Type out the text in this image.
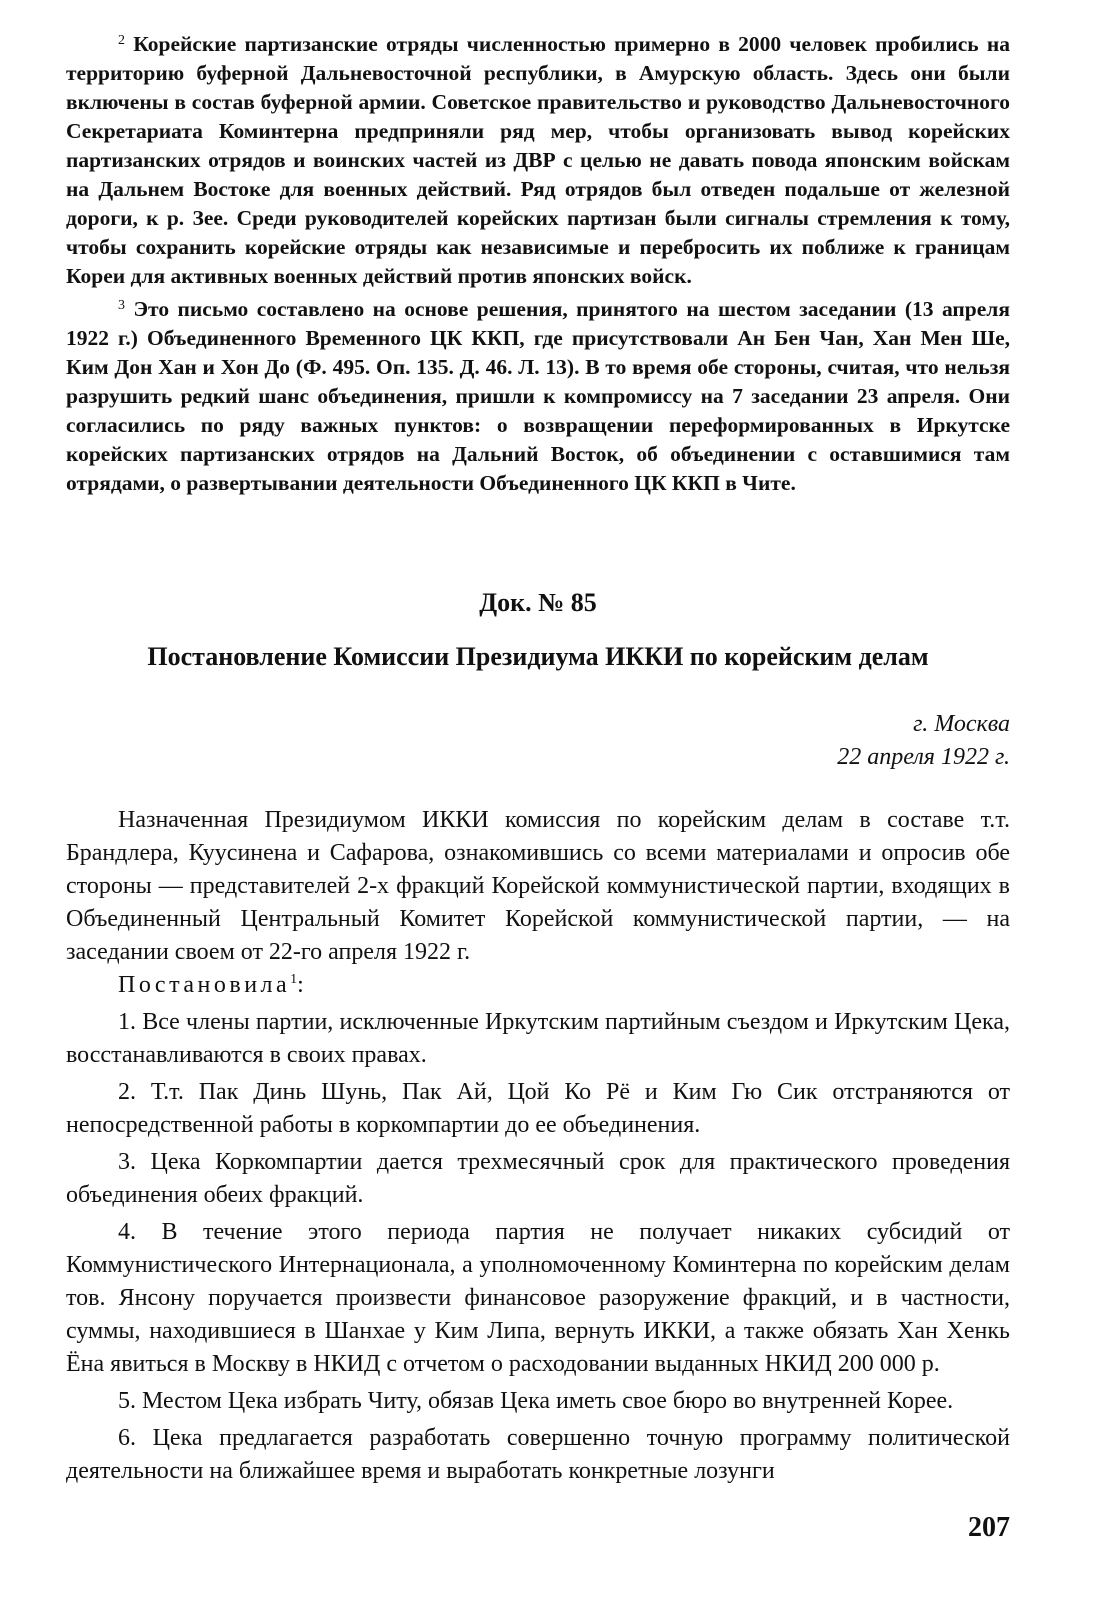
$^2$ Корейские партизанские отряды численностью примерно в 2000 человек пробились на территорию буферной Дальневосточной республики, в Амурскую область. Здесь они были включены в состав буферной армии. Советское правительство и руководство Дальневосточного Секретариата Коминтерна предприняли ряд мер, чтобы организовать вывод корейских партизанских отрядов и воинских частей из ДВР с целью не давать повода японским войскам на Дальнем Востоке для военных действий. Ряд отрядов был отведен подальше от железной дороги, к р. Зее. Среди руководителей корейских партизан были сигналы стремления к тому, чтобы сохранить корейские отряды как независимые и перебросить их поближе к границам Кореи для активных военных действий против японских войск.

$^3$ Это письмо составлено на основе решения, принятого на шестом заседании (13 апреля 1922 г.) Объединенного Временного ЦК ККП, где присутствовали Ан Бен Чан, Хан Мен Ше, Ким Дон Хан и Хон До (Ф. 495. Оп. 135. Д. 46. Л. 13). В то время обе стороны, считая, что нельзя разрушить редкий шанс объединения, пришли к компромиссу на 7 заседании 23 апреля. Они согласились по ряду важных пунктов: о возвращении переформированных в Иркутске корейских партизанских отрядов на Дальний Восток, об объединении с оставшимися там отрядами, о развертывании деятельности Объединенного ЦК ККП в Чите.

Док. № 85
Постановление Комиссии Президиума ИККИ по корейским делам

г. Москва

22 апреля 1922 г.

Назначенная Президиумом ИККИ комиссия по корейским делам в составе т.т. Брандлера, Куусинена и Сафарова, ознакомившись со всеми материалами и опросив обе стороны — представителей 2-х фракций Корейской коммунистической партии, входящих в Объединенный Центральный Комитет Корейской коммунистической партии, — на заседании своем от 22-го апреля 1922 г.

Постановила$^1$:

1. Все члены партии, исключенные Иркутским партийным съездом и Иркутским Цека, восстанавливаются в своих правах.

2. Т.т. Пак Динь Шунь, Пак Ай, Цой Ко Рё и Ким Гю Сик отстраняются от непосредственной работы в коркомпартии до ее объединения.

3. Цека Коркомпартии дается трехмесячный срок для практического проведения объединения обеих фракций.

4. В течение этого периода партия не получает никаких субсидий от Коммунистического Интернационала, а уполномоченному Коминтерна по корейским делам тов. Янсону поручается произвести финансовое разоружение фракций, и в частности, суммы, находившиеся в Шанхае у Ким Липа, вернуть ИККИ, а также обязать Хан Хенкь Ёна явиться в Москву в НКИД с отчетом о расходовании выданных НКИД 200 000 р.

5. Местом Цека избрать Читу, обязав Цека иметь свое бюро во внутренней Корее.

6. Цека предлагается разработать совершенно точную программу политической деятельности на ближайшее время и выработать конкретные лозунги

207
